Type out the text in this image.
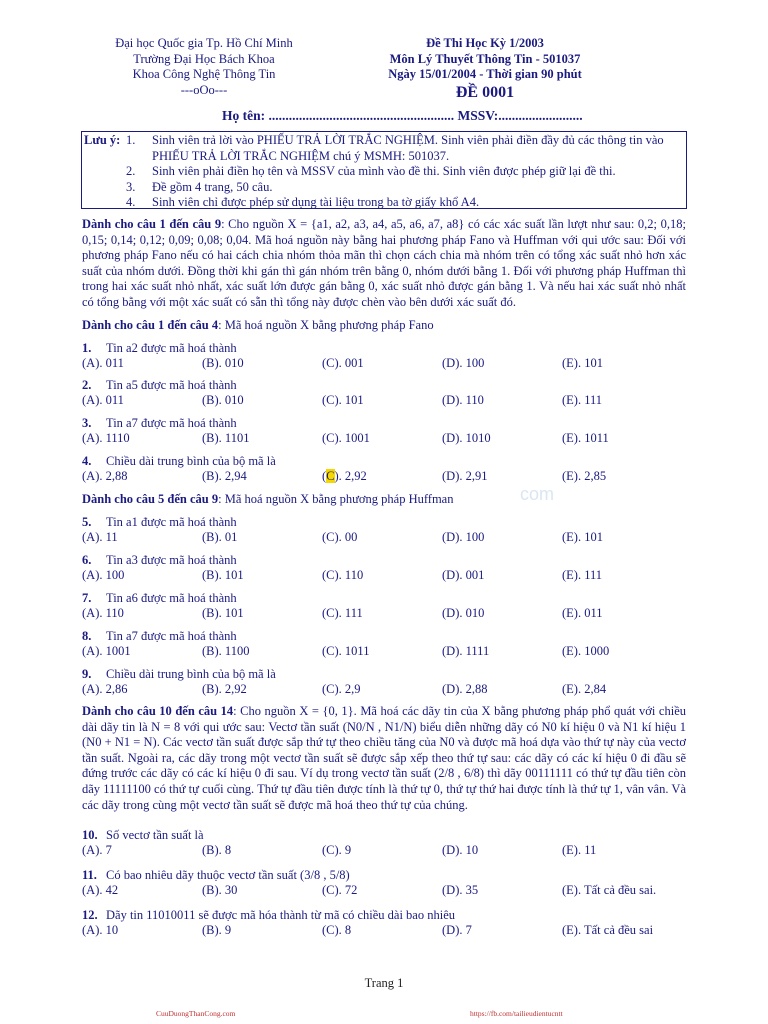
Đại học Quốc gia Tp. Hồ Chí Minh
Trường Đại Học Bách Khoa
Khoa Công Nghệ Thông Tin
---oOo---
Đề Thi Học Kỳ 1/2003
Môn Lý Thuyết Thông Tin - 501037
Ngày 15/01/2004 - Thời gian 90 phút
ĐỀ 0001
Họ tên: ....................................................... MSSV:.........................
Lưu ý: 1. Sinh viên trả lời vào PHIẾU TRẢ LỜI TRẮC NGHIỆM. Sinh viên phải điền đầy đủ các thông tin vào PHIẾU TRẢ LỜI TRẮC NGHIỆM chú ý MSMH: 501037.
2. Sinh viên phải điền họ tên và MSSV của mình vào đề thi. Sinh viên được phép giữ lại đề thi.
3. Đề gồm 4 trang, 50 câu.
4. Sinh viên chỉ được phép sử dụng tài liệu trong ba tờ giấy khổ A4.
Dành cho câu 1 đến câu 9: Cho nguồn X = {a1, a2, a3, a4, a5, a6, a7, a8} có các xác suất lần lượt như sau: 0,2; 0,18; 0,15; 0,14; 0,12; 0,09; 0,08; 0,04. Mã hoá nguồn này bằng hai phương pháp Fano và Huffman với qui ước sau: Đối với phương pháp Fano nếu có hai cách chia nhóm thỏa mãn thì chọn cách chia mà nhóm trên có tổng xác suất nhỏ hơn xác suất của nhóm dưới. Đồng thời khi gán thì gán nhóm trên bằng 0, nhóm dưới bằng 1. Đối với phương pháp Huffman thì trong hai xác suất nhỏ nhất, xác suất lớn được gán bằng 0, xác suất nhỏ được gán bằng 1. Và nếu hai xác suất nhỏ nhất có tổng bằng với một xác suất có sẵn thì tổng này được chèn vào bên dưới xác suất đó.
Dành cho câu 1 đến câu 4: Mã hoá nguồn X bằng phương pháp Fano
1. Tin a2 được mã hoá thành
(A). 011	(B). 010	(C). 001	(D). 100	(E). 101
2. Tin a5 được mã hoá thành
(A). 011	(B). 010	(C). 101	(D). 110	(E). 111
3. Tin a7 được mã hoá thành
(A). 1110	(B). 1101	(C). 1001	(D). 1010	(E). 1011
4. Chiều dài trung bình của bộ mã là
(A). 2,88	(B). 2,94	(C). 2,92	(D). 2,91	(E). 2,85
com
Dành cho câu 5 đến câu 9: Mã hoá nguồn X bằng phương pháp Huffman
5. Tin a1 được mã hoá thành
(A). 11	(B). 01	(C). 00	(D). 100	(E). 101
6. Tin a3 được mã hoá thành
(A). 100	(B). 101	(C). 110	(D). 001	(E). 111
7. Tin a6 được mã hoá thành
(A). 110	(B). 101	(C). 111	(D). 010	(E). 011
8. Tin a7 được mã hoá thành
(A). 1001	(B). 1100	(C). 1011	(D). 1111	(E). 1000
9. Chiều dài trung bình của bộ mã là
(A). 2,86	(B). 2,92	(C). 2,9	(D). 2,88	(E). 2,84
Dành cho câu 10 đến câu 14: Cho nguồn X = {0, 1}. Mã hoá các dãy tin của X bằng phương pháp phổ quát với chiều dài dãy tin là N = 8 với qui ước sau: Vectơ tần suất (N0/N , N1/N) biểu diễn những dãy có N0 kí hiệu 0 và N1 kí hiệu 1 (N0 + N1 = N). Các vectơ tần suất được sắp thứ tự theo chiều tăng của N0 và được mã hoá dựa vào thứ tự này của vectơ tần suất. Ngoài ra, các dãy trong một vectơ tần suất sẽ được sắp xếp theo thứ tự sau: các dãy có các kí hiệu 0 đi đầu sẽ đứng trước các dãy có các kí hiệu 0 đi sau. Ví dụ trong vectơ tần suất (2/8 , 6/8) thì dãy 00111111 có thứ tự đầu tiên còn dãy 11111100 có thứ tự cuối cùng. Thứ tự đầu tiên được tính là thứ tự 0, thứ tự thứ hai được tính là thứ tự 1, vân vân. Và các dãy trong cùng một vectơ tần suất sẽ được mã hoá theo thứ tự của chúng.
10. Số vectơ tần suất là
(A). 7	(B). 8	(C). 9	(D). 10	(E). 11
11. Có bao nhiêu dãy thuộc vectơ tần suất (3/8 , 5/8)
(A). 42	(B). 30	(C). 72	(D). 35	(E). Tất cả đều sai.
12. Dãy tin 11010011 sẽ được mã hóa thành từ mã có chiều dài bao nhiêu
(A). 10	(B). 9	(C). 8	(D). 7	(E). Tất cả đều sai
Trang 1
CuuDuongThanCong.com	https://fb.com/tailieudientucntt
